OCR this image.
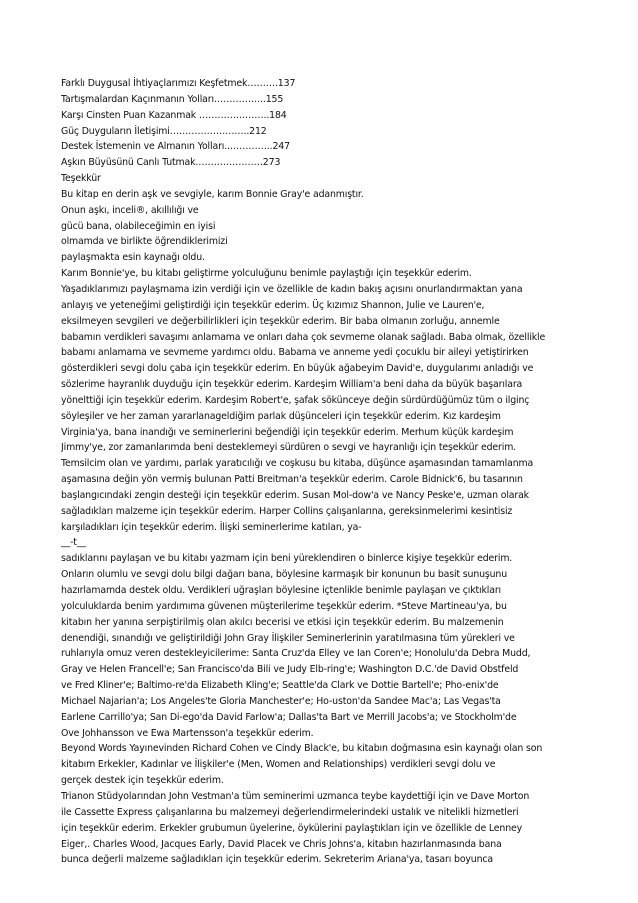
Farklı Duygusal İhtiyaçlarımızı Keşfetmek……….137
Tartışmalardan Kaçınmanın Yolları……………..155
Karşı Cinsten Puan Kazanmak …………………..184
Güç Duyguların İletişimi……………………..212
Destek İstemenin ve Almanın Yolları..…………..247
Aşkın Büyüsünü Canlı Tutmak.…………………273
Teşekkür
Bu kitap en derin aşk ve sevgiyle, karım Bonnie Gray'e adanmıştır.
Onun aşkı, inceli®, akıllılığı ve
gücü bana, olabileceğimin en iyisi
olmamda ve birlikte öğrendiklerimizi
paylaşmakta esin kaynağı oldu.
Karım Bonnie'ye, bu kitabı geliştirme yolculuğunu benimle paylaştığı için teşekkür ederim.
Yaşadıklarımızı paylaşmama izin verdiği için ve özellikle de kadın bakış açısını onurlandırmaktan yana
anlayış ve yeteneğimi geliştirdiği için teşekkür ederim. Üç kızımız Shannon, Julie ve Lauren'e,
eksilmeyen sevgileri ve değerbilirlikleri için teşekkür ederim. Bir baba olmanın zorluğu, annemle
babamın verdikleri savaşımı anlamama ve onları daha çok sevmeme olanak sağladı. Baba olmak, özellikle
babamı anlamama ve sevmeme yardımcı oldu. Babama ve anneme yedi çocuklu bir aileyi yetiştirirken
gösterdikleri sevgi dolu çaba için teşekkür ederim. En büyük ağabeyim David'e, duygularımı anladığı ve
sözlerime hayranlık duyduğu için teşekkür ederim. Kardeşim William'a beni daha da büyük başarılara
yönelttiği için teşekkür ederim. Kardeşim Robert'e, şafak sökünceye değin sürdürdüğümüz tüm o ilginç
söyleşiler ve her zaman yararlanageldiğim parlak düşünceleri için teşekkür ederim. Kız kardeşim
Virginia'ya, bana inandığı ve seminerlerini beğendiği için teşekkür ederim. Merhum küçük kardeşim
Jimmy'ye, zor zamanlarımda beni desteklemeyi sürdüren o sevgi ve hayranlığı için teşekkür ederim.
Temsilcim olan ve yardımı, parlak yaratıcılığı ve coşkusu bu kitaba, düşünce aşamasından tamamlanma
aşamasına değin yön vermiş bulunan Patti Breitman'a teşekkür ederim. Carole Bidnick'6, bu tasarının
başlangıcındaki zengin desteği için teşekkür ederim. Susan Mol-dow'a ve Nancy Peske'e, uzman olarak
sağladıkları malzeme için teşekkür ederim. Harper Collins çalışanlarına, gereksinmelerimi kesintisiz
karşıladıkları için teşekkür ederim. İlişki seminerlerime katılan, ya-
__-t__
sadıklarını paylaşan ve bu kitabı yazmam için beni yüreklendiren o binlerce kişiye teşekkür ederim.
Onların olumlu ve sevgi dolu bilgi dağarı bana, böylesine karmaşık bir konunun bu basit sunuşunu
hazırlamamda destek oldu. Verdikleri uğraşları böylesine içtenlikle benimle paylaşan ve çıktıkları
yolculuklarda benim yardımıma güvenen müşterilerime teşekkür ederim. *Steve Martineau'ya, bu
kitabın her yanına serpiştirilmiş olan akılcı becerisi ve etkisi için teşekkür ederim. Bu malzemenin
denendiği, sınandığı ve geliştirildiği John Gray İlişkiler Seminerlerinin yaratılmasına tüm yürekleri ve
ruhlarıyla omuz veren destekleyicilerime: Santa Cruz'da Elley ve Ian Coren'e; Honolulu'da Debra Mudd,
Gray ve Helen Francell'e; San Francisco'da Bili ve Judy Elb-ring'e; Washington D.C.'de David Obstfeld
ve Fred Kliner'e; Baltimo-re'da Elizabeth Kling'e; Seattle'da Clark ve Dottie Bartell'e; Pho-enix'de
Michael Najarian'a; Los Angeles'te Gloria Manchester'e; Ho-uston'da Sandee Mac'a; Las Vegas'ta
Earlene Carrillo'ya; San Di-ego'da David Farlow'a; Dallas'ta Bart ve Merrill Jacobs'a; ve Stockholm'de
Ove Johhansson ve Ewa Martensson'a teşekkür ederim.
Beyond Words Yayınevinden Richard Cohen ve Cindy Black'e, bu kitabın doğmasına esin kaynağı olan son
kitabım Erkekler, Kadınlar ve İlişkiler'e (Men, Women and Relationships) verdikleri sevgi dolu ve
gerçek destek için teşekkür ederim.
Trianon Stüdyolarından John Vestman'a tüm seminerimi uzmanca teybe kaydettiği için ve Dave Morton
ile Cassette Express çalışanlarına bu malzemeyi değerlendirmelerindeki ustalık ve nitelikli hizmetleri
için teşekkür ederim. Erkekler grubumun üyelerine, öykülerini paylaştıkları için ve özellikle de Lenney
Eiger,. Charles Wood, Jacques Early, David Placek ve Chris Johns'a, kitabın hazırlanmasında bana
bunca değerli malzeme sağladıkları için teşekkür ederim. Sekreterim Ariana'ya, tasarı boyunca
